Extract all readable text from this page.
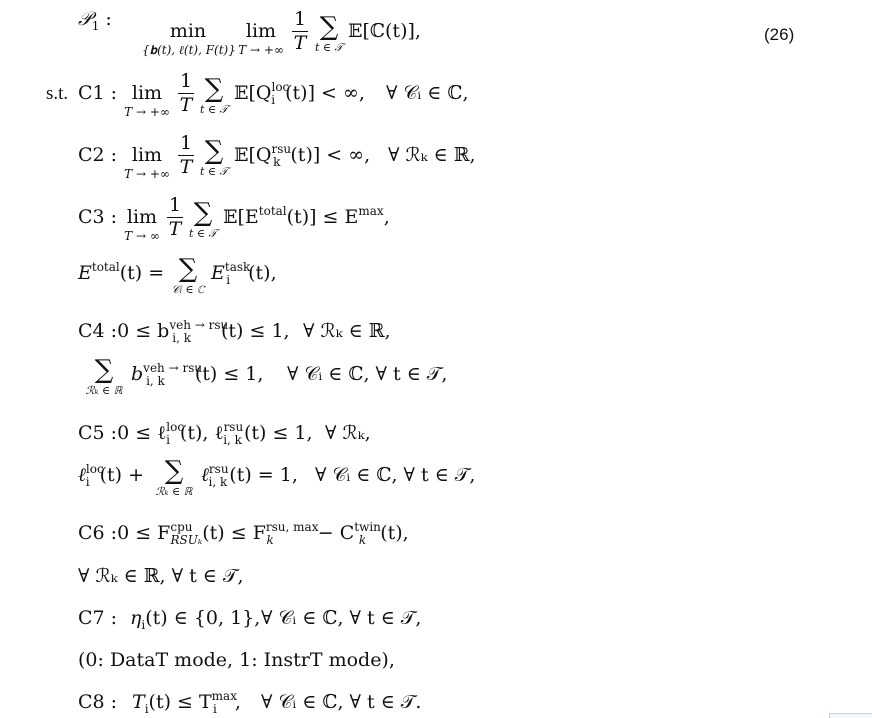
𝒫$_1$ :
min
{𝐛(t), ℓ(t), F(t)}
lim
T → +∞ $\frac{1}{T}$ ∑
t ∈ 𝒯
𝔼[ℂ(t)],	(26)
s.t. C1 : lim
T → +∞ $\frac{1}{T}$ ∑
t ∈ 𝒯
$𝔼[Q^{loc}_i$ (t)] < ∞, ∀ 𝒞ᵢ ∈ ℂ,
C2 : lim
T → +∞ $\frac{1}{T}$ ∑
t ∈ 𝒯
$𝔼[Q^{rsu}_k$ (t)] < ∞, ∀ ℛₖ ∈ ℝ,
C3 : lim
T → ∞ $\frac{1}{T}$ ∑
t ∈ 𝒯
$𝔼[E^{total}(t)] \le E^{max}$,
$E^{total}(t)$ = ∑
𝒞ᵢ ∈ ℂ
$E^{task}_i$ (t),
C4 :0 ≤ $b^{veh \to rsu}_{i, k}$ (t) ≤ 1, ∀ ℛₖ ∈ ℝ,
∑
ℛₖ ∈ ℝ
$b^{veh \to rsu}_{i, k}$ (t) ≤ 1, ∀ 𝒞ᵢ ∈ ℂ, ∀ t ∈ 𝒯,
C5 :0 ≤ ℓ$^{loc}_i$ (t), ℓ$^{rsu}_{i, k}$ (t) ≤ 1, ∀ ℛₖ,
ℓ$^{loc}_i$ (t) + ∑
ℛₖ ∈ ℝ
ℓ$^{rsu}_{i, k}$ (t) = 1, ∀ 𝒞ᵢ ∈ ℂ, ∀ t ∈ 𝒯,
C6 :0 ≤ $F^{cpu}_{RSU_k}(t) \le F^{rsu, max}_k - C^{twin}_k$ (t),
∀ ℛₖ ∈ ℝ, ∀ t ∈ 𝒯,
C7 : $\eta_i(t)$ ∈ {0, 1}, ∀ 𝒞ᵢ ∈ ℂ, ∀ t ∈ 𝒯,
(0: DataT mode, 1: InstrT mode),
C8 : $T_i(t) \le T^{max}_i$ , ∀ 𝒞ᵢ ∈ ℂ, ∀ t ∈ 𝒯.
